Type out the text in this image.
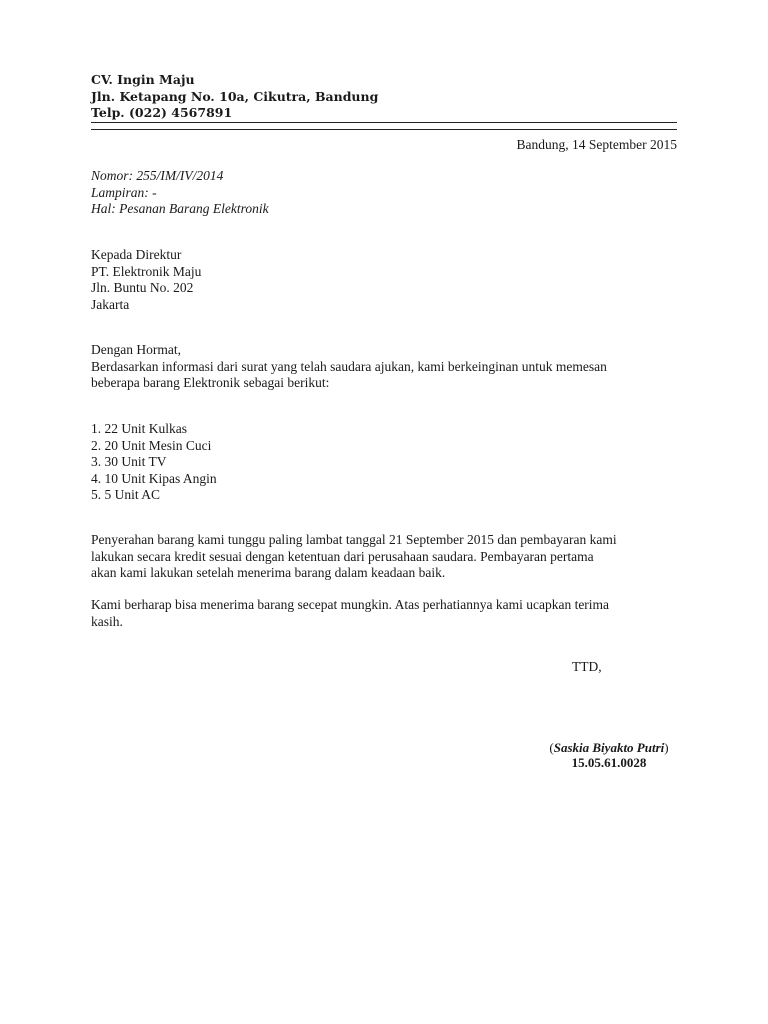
CV. Ingin Maju
Jln. Ketapang No. 10a, Cikutra, Bandung
Telp. (022) 4567891
Bandung, 14 September 2015
Nomor: 255/IM/IV/2014
Lampiran: -
Hal: Pesanan Barang Elektronik
Kepada Direktur
PT. Elektronik Maju
Jln. Buntu No. 202
Jakarta
Dengan Hormat,
Berdasarkan informasi dari surat yang telah saudara ajukan, kami berkeinginan untuk memesan
beberapa barang Elektronik sebagai berikut:
1. 22 Unit Kulkas
2. 20 Unit Mesin Cuci
3. 30 Unit TV
4. 10 Unit Kipas Angin
5. 5 Unit AC
Penyerahan barang kami tunggu paling lambat tanggal 21 September 2015 dan pembayaran kami
lakukan secara kredit sesuai dengan ketentuan dari perusahaan saudara. Pembayaran pertama
akan kami lakukan setelah menerima barang dalam keadaan baik.
Kami berharap bisa menerima barang secepat mungkin. Atas perhatiannya kami ucapkan terima
kasih.
TTD,
(Saskia Biyakto Putri)
15.05.61.0028
